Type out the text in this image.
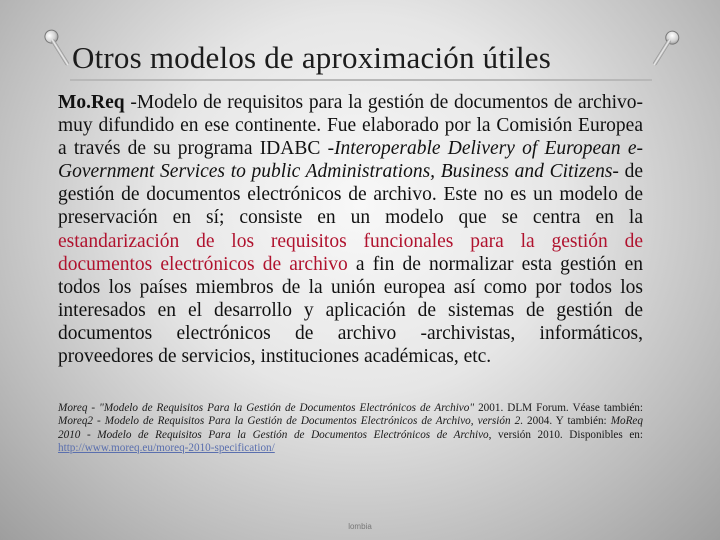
Otros modelos de aproximación útiles

Mo.Req -Modelo de requisitos para la gestión de documentos de archivo- muy difundido en ese continente. Fue elaborado por la Comisión Europea a través de su programa IDABC -Interoperable Delivery of European e-Government Services to public Administrations, Business and Citizens- de gestión de documentos electrónicos de archivo. Este no es un modelo de preservación en sí; consiste en un modelo que se centra en la estandarización de los requisitos funcionales para la gestión de documentos electrónicos de archivo a fin de normalizar esta gestión en todos los países miembros de la unión europea así como por todos los interesados en el desarrollo y aplicación de sistemas de gestión de documentos electrónicos de archivo -archivistas, informáticos, proveedores de servicios, instituciones académicas, etc.

Moreq - "Modelo de Requisitos Para la Gestión de Documentos Electrónicos de Archivo" 2001. DLM Forum. Véase también: Moreq2 - Modelo de Requisitos Para la Gestión de Documentos Electrónicos de Archivo, versión 2. 2004. Y también: MoReq 2010 - Modelo de Requisitos Para la Gestión de Documentos Electrónicos de Archivo, versión 2010. Disponibles en: http://www.moreq.eu/moreq-2010-specification/

lombia
